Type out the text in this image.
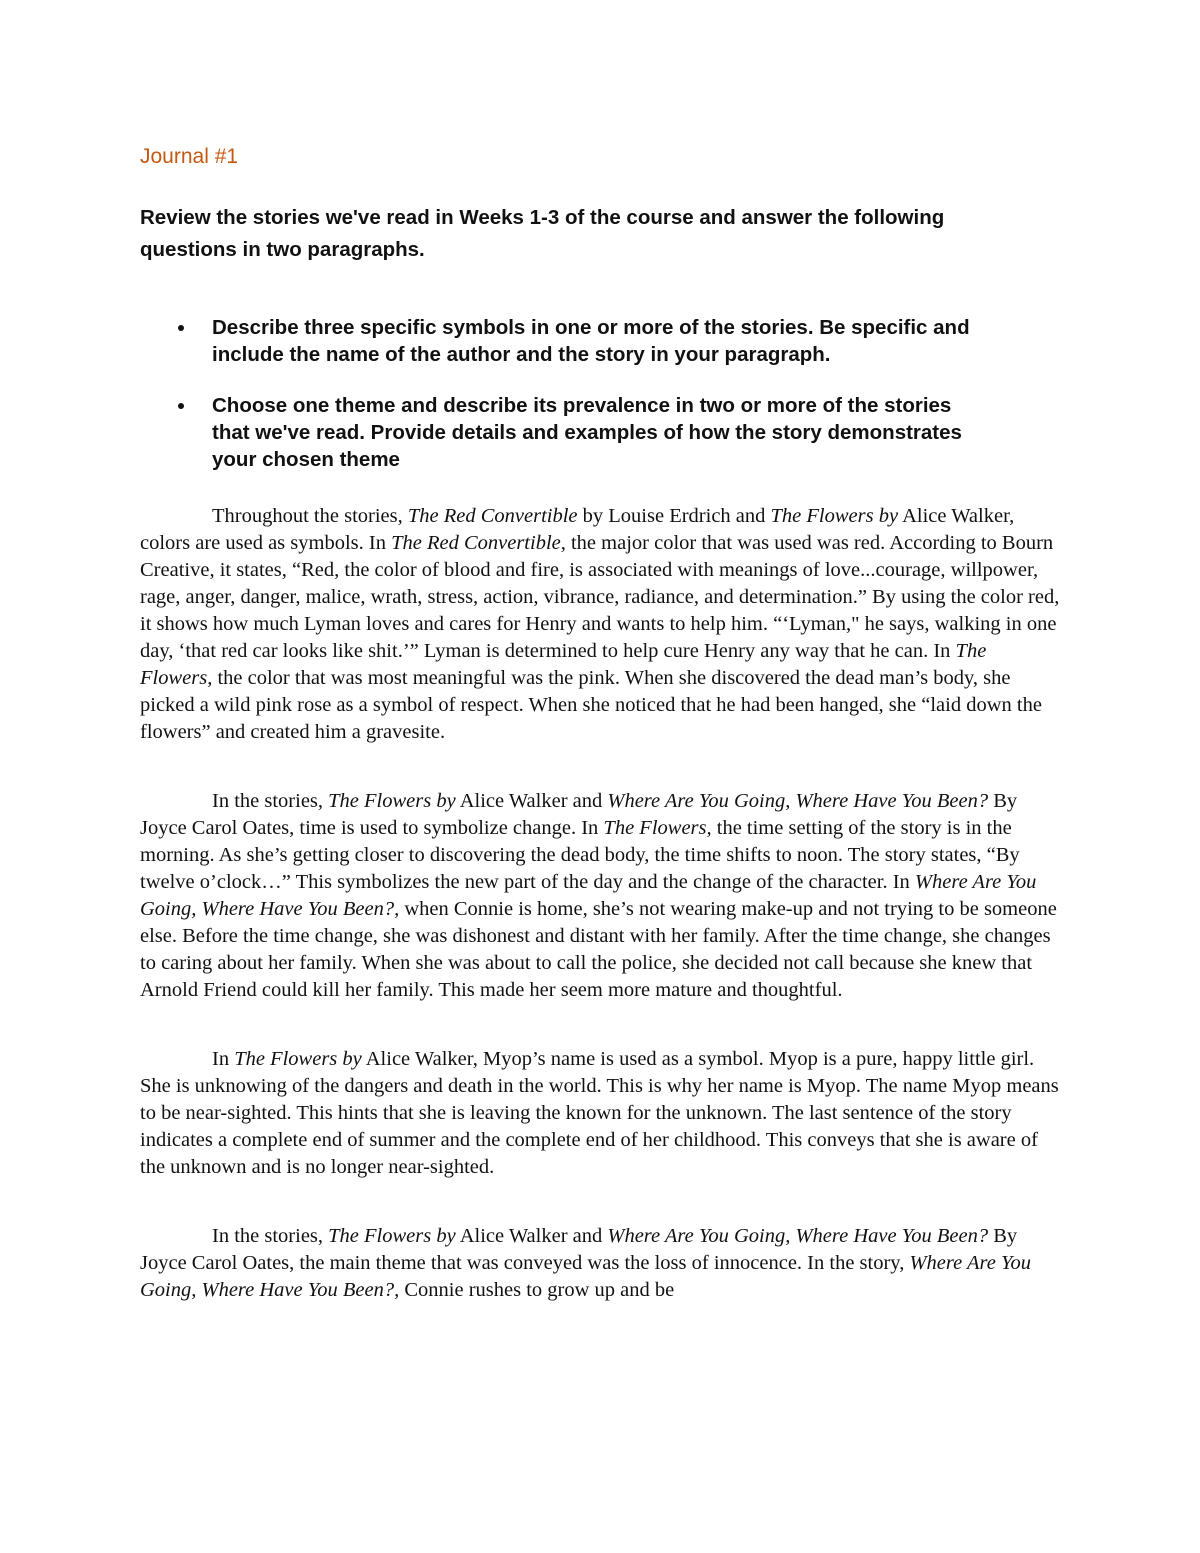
Journal #1

Review the stories we've read in Weeks 1-3 of the course and answer the following questions in two paragraphs.

Describe three specific symbols in one or more of the stories. Be specific and include the name of the author and the story in your paragraph.
Choose one theme and describe its prevalence in two or more of the stories that we've read. Provide details and examples of how the story demonstrates your chosen theme

Throughout the stories, The Red Convertible by Louise Erdrich and The Flowers by Alice Walker, colors are used as symbols. In The Red Convertible, the major color that was used was red. According to Bourn Creative, it states, “Red, the color of blood and fire, is associated with meanings of love...courage, willpower, rage, anger, danger, malice, wrath, stress, action, vibrance, radiance, and determination.” By using the color red, it shows how much Lyman loves and cares for Henry and wants to help him. “‘Lyman," he says, walking in one day, ‘that red car looks like shit.’” Lyman is determined to help cure Henry any way that he can. In The Flowers, the color that was most meaningful was the pink. When she discovered the dead man’s body, she picked a wild pink rose as a symbol of respect. When she noticed that he had been hanged, she “laid down the flowers” and created him a gravesite.

In the stories, The Flowers by Alice Walker and Where Are You Going, Where Have You Been? By Joyce Carol Oates, time is used to symbolize change. In The Flowers, the time setting of the story is in the morning. As she’s getting closer to discovering the dead body, the time shifts to noon. The story states, “By twelve o’clock…” This symbolizes the new part of the day and the change of the character. In Where Are You Going, Where Have You Been?, when Connie is home, she’s not wearing make-up and not trying to be someone else. Before the time change, she was dishonest and distant with her family. After the time change, she changes to caring about her family. When she was about to call the police, she decided not call because she knew that Arnold Friend could kill her family. This made her seem more mature and thoughtful.

In The Flowers by Alice Walker, Myop’s name is used as a symbol. Myop is a pure, happy little girl. She is unknowing of the dangers and death in the world. This is why her name is Myop. The name Myop means to be near-sighted. This hints that she is leaving the known for the unknown. The last sentence of the story indicates a complete end of summer and the complete end of her childhood. This conveys that she is aware of the unknown and is no longer near-sighted.

In the stories, The Flowers by Alice Walker and Where Are You Going, Where Have You Been? By Joyce Carol Oates, the main theme that was conveyed was the loss of innocence. In the story, Where Are You Going, Where Have You Been?, Connie rushes to grow up and be
